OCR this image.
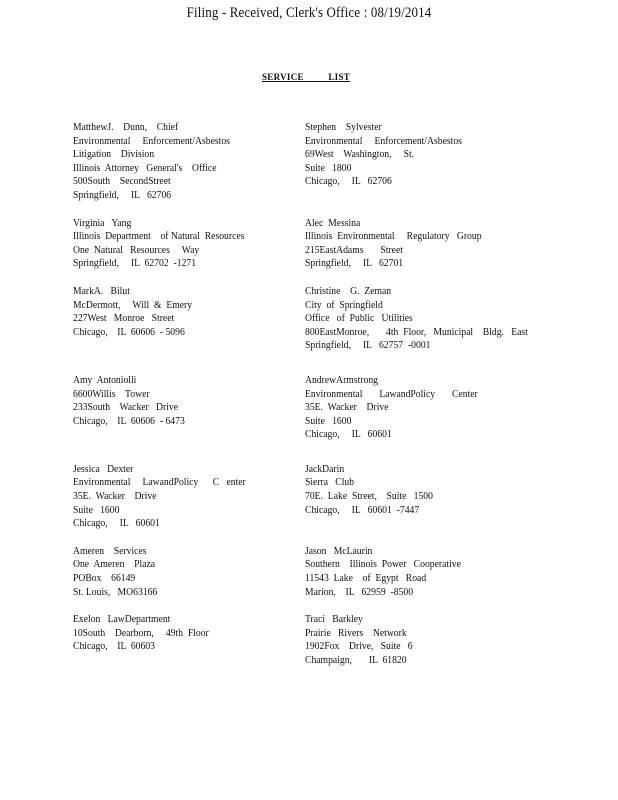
Filing - Received, Clerk's Office : 08/19/2014
SERVICE LIST
MatthewJ.    Dunn,    Chief
Environmental     Enforcement/Asbestos
Litigation    Division
Illinois  Attorney   General's    Office
500South    SecondStreet
Springfield,     IL   62706
Stephen    Sylvester
Environmental     Enforcement/Asbestos
69West    Washington,     St.
Suite   1800
Chicago,     IL   62706
Virginia   Yang
Illinois  Department    of Natural  Resources
One  Natural   Resources     Way
Springfield,     IL  62702  -1271
Alec  Messina
Illinois  Environmental     Regulatory   Group
215EastAdams       Street
Springfield,     IL   62701
MarkA.   Bilut
McDermott,     Will  &  Emery
227West   Monroe   Street
Chicago,    IL  60606  - 5096
Christine    G.  Zeman
City  of  Springfield
Office   of  Public   Utilities
800EastMonroe,       4th  Floor,   Municipal    Bldg.   East
Springfield,     IL   62757  -0001
Amy  Antoniolli
6600Willis    Tower
233South    Wacker   Drive
Chicago,    IL  60606  - 6473
AndrewArmstrong
Environmental       LawandPolicy       Center
35E.  Wacker    Drive
Suite   1600
Chicago,     IL   60601
Jessica   Dexter
Environmental     LawandPolicy      C   enter
35E.  Wacker    Drive
Suite   1600
Chicago,     IL   60601
JackDarin
Sierra   Club
70E.  Lake  Street,    Suite   1500
Chicago,     IL   60601  -7447
Ameren    Services
One  Ameren    Plaza
POBox    66149
St. Louis,   MO63166
Jason   McLaurin
Southern    Illinois  Power   Cooperative
11543  Lake    of  Egypt   Road
Marion,    IL   62959  -8500
Exelon   LawDepartment
10South    Dearborn,     49th  Floor
Chicago,    IL  60603
Traci   Barkley
Prairie   Rivers    Network
1902Fox    Drive,   Suite   6
Champaign,       IL  61820
